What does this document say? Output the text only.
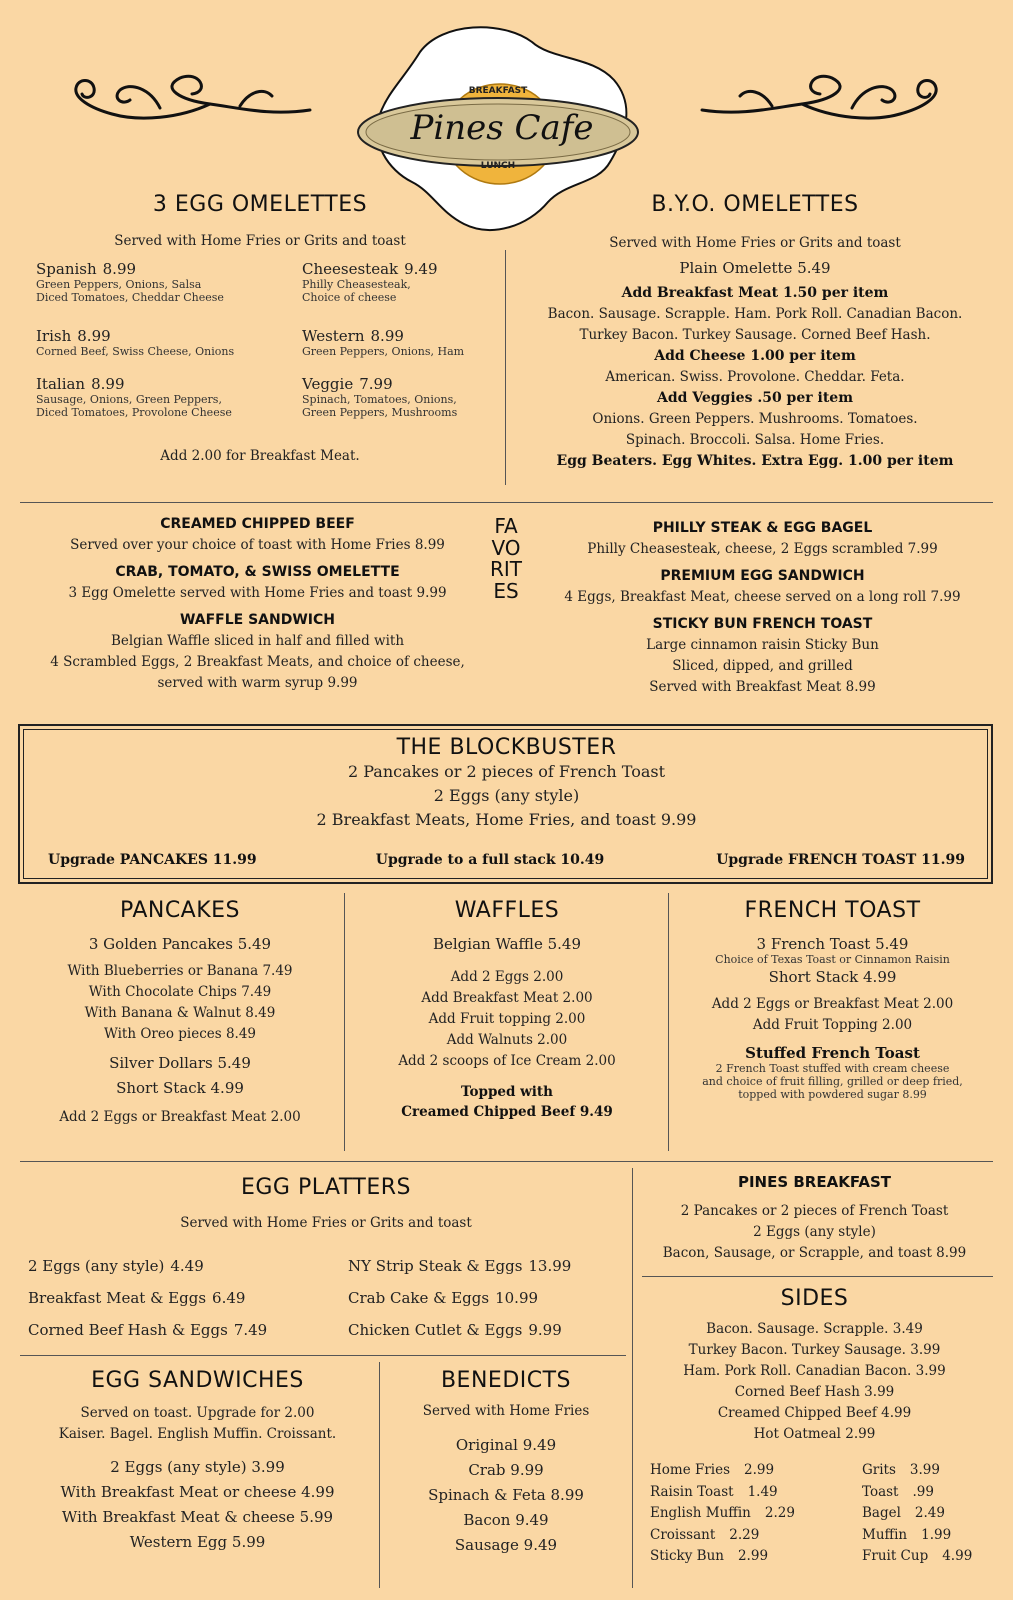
BREAKFAST
Pines Cafe
LUNCH
3 EGG OMELETTES
Served with Home Fries or Grits and toast
Spanish 8.99
Green Peppers, Onions, Salsa
Diced Tomatoes, Cheddar Cheese
Cheesesteak 9.49
Philly Cheasesteak,
Choice of cheese
Irish 8.99
Corned Beef, Swiss Cheese, Onions
Western 8.99
Green Peppers, Onions, Ham
Italian 8.99
Sausage, Onions, Green Peppers,
Diced Tomatoes, Provolone Cheese
Veggie 7.99
Spinach, Tomatoes, Onions,
Green Peppers, Mushrooms
Add 2.00 for Breakfast Meat.
B.Y.O. OMELETTES
Served with Home Fries or Grits and toast
Plain Omelette 5.49
Add Breakfast Meat 1.50 per item
Bacon. Sausage. Scrapple. Ham. Pork Roll. Canadian Bacon.
Turkey Bacon. Turkey Sausage. Corned Beef Hash.
Add Cheese 1.00 per item
American. Swiss. Provolone. Cheddar. Feta.
Add Veggies .50 per item
Onions. Green Peppers. Mushrooms. Tomatoes.
Spinach. Broccoli. Salsa. Home Fries.
Egg Beaters. Egg Whites. Extra Egg. 1.00 per item
CREAMED CHIPPED BEEF
Served over your choice of toast with Home Fries 8.99
CRAB, TOMATO, & SWISS OMELETTE
3 Egg Omelette served with Home Fries and toast 9.99
WAFFLE SANDWICH
Belgian Waffle sliced in half and filled with
4 Scrambled Eggs, 2 Breakfast Meats, and choice of cheese,
served with warm syrup 9.99
FAVORITES
PHILLY STEAK & EGG BAGEL
Philly Cheasesteak, cheese, 2 Eggs scrambled 7.99
PREMIUM EGG SANDWICH
4 Eggs, Breakfast Meat, cheese served on a long roll 7.99
STICKY BUN FRENCH TOAST
Large cinnamon raisin Sticky Bun
Sliced, dipped, and grilled
Served with Breakfast Meat 8.99
THE BLOCKBUSTER
2 Pancakes or 2 pieces of French Toast
2 Eggs (any style)
2 Breakfast Meats, Home Fries, and toast 9.99
Upgrade PANCAKES 11.99	Upgrade to a full stack 10.49	Upgrade FRENCH TOAST 11.99
PANCAKES
3 Golden Pancakes 5.49
With Blueberries or Banana 7.49
With Chocolate Chips 7.49
With Banana & Walnut 8.49
With Oreo pieces 8.49
Silver Dollars 5.49
Short Stack 4.99
Add 2 Eggs or Breakfast Meat 2.00
WAFFLES
Belgian Waffle 5.49
Add 2 Eggs 2.00
Add Breakfast Meat 2.00
Add Fruit topping 2.00
Add Walnuts 2.00
Add 2 scoops of Ice Cream 2.00
Topped with
Creamed Chipped Beef 9.49
FRENCH TOAST
3 French Toast 5.49
Choice of Texas Toast or Cinnamon Raisin
Short Stack 4.99
Add 2 Eggs or Breakfast Meat 2.00
Add Fruit Topping 2.00
Stuffed French Toast
2 French Toast stuffed with cream cheese
and choice of fruit filling, grilled or deep fried,
topped with powdered sugar 8.99
EGG PLATTERS
Served with Home Fries or Grits and toast
2 Eggs (any style) 4.49
Breakfast Meat & Eggs 6.49
Corned Beef Hash & Eggs 7.49
NY Strip Steak & Eggs 13.99
Crab Cake & Eggs 10.99
Chicken Cutlet & Eggs 9.99
EGG SANDWICHES
Served on toast. Upgrade for 2.00
Kaiser. Bagel. English Muffin. Croissant.
2 Eggs (any style) 3.99
With Breakfast Meat or cheese 4.99
With Breakfast Meat & cheese 5.99
Western Egg 5.99
BENEDICTS
Served with Home Fries
Original 9.49
Crab 9.99
Spinach & Feta 8.99
Bacon 9.49
Sausage 9.49
PINES BREAKFAST
2 Pancakes or 2 pieces of French Toast
2 Eggs (any style)
Bacon, Sausage, or Scrapple, and toast 8.99
SIDES
Bacon. Sausage. Scrapple. 3.49
Turkey Bacon. Turkey Sausage. 3.99
Ham. Pork Roll. Canadian Bacon. 3.99
Corned Beef Hash 3.99
Creamed Chipped Beef 4.99
Hot Oatmeal 2.99
Home Fries 2.99
Raisin Toast 1.49
English Muffin 2.29
Croissant 2.29
Sticky Bun 2.99
Grits 3.99
Toast .99
Bagel 2.49
Muffin 1.99
Fruit Cup 4.99
